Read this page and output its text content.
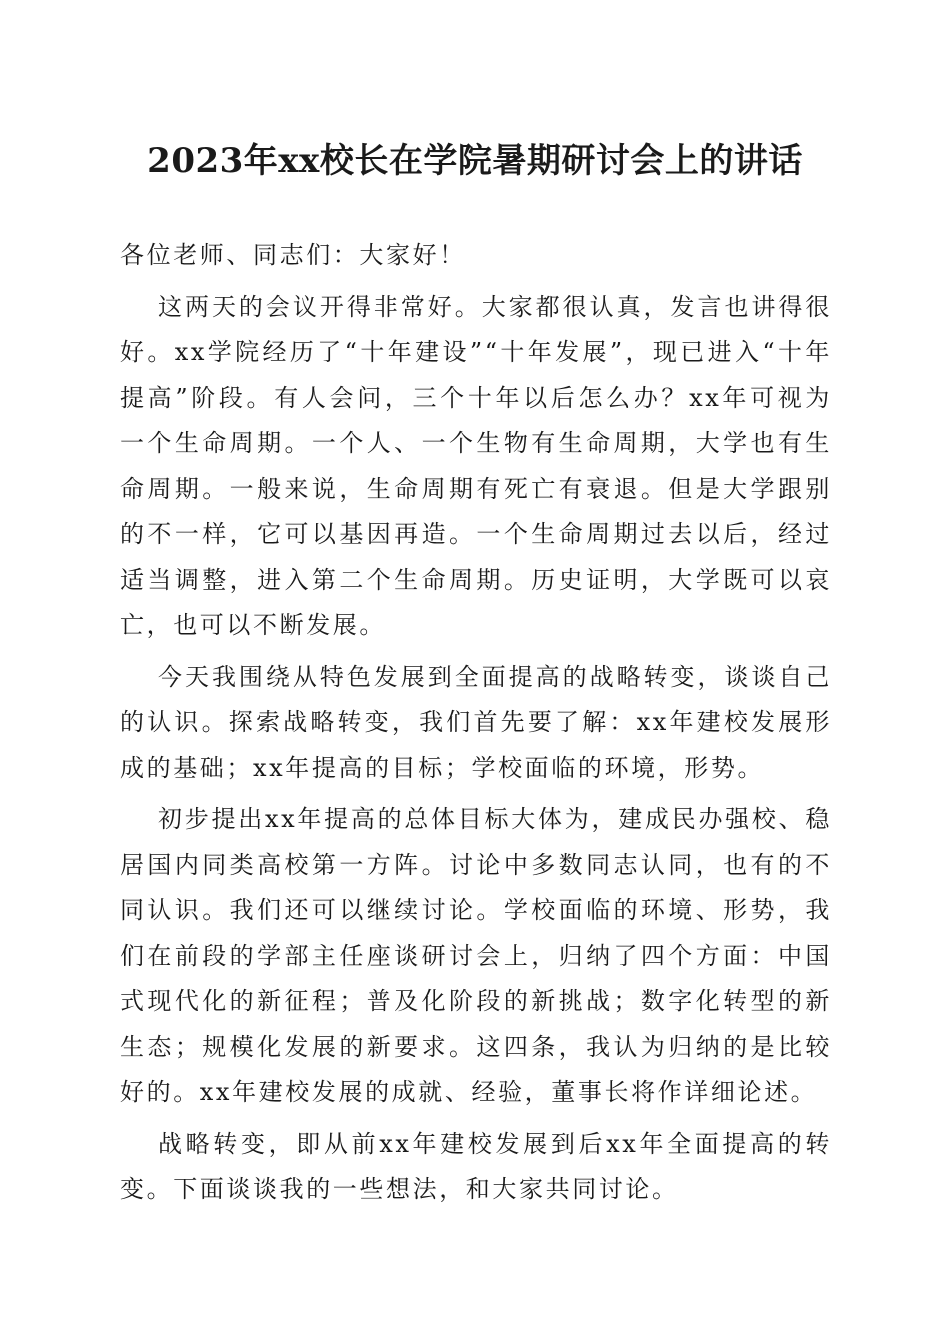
2023年xx校长在学院暑期研讨会上的讲话

各位老师、同志们：大家好！

这两天的会议开得非常好。大家都很认真，发言也讲得很好。xx学院经历了“十年建设”“十年发展”，现已进入“十年提高”阶段。有人会问，三个十年以后怎么办？xx年可视为一个生命周期。一个人、一个生物有生命周期，大学也有生命周期。一般来说，生命周期有死亡有衰退。但是大学跟别的不一样，它可以基因再造。一个生命周期过去以后，经过适当调整，进入第二个生命周期。历史证明，大学既可以哀亡，也可以不断发展。

今天我围绕从特色发展到全面提高的战略转变，谈谈自己的认识。探索战略转变，我们首先要了解：xx年建校发展形成的基础；xx年提高的目标；学校面临的环境，形势。

初步提出xx年提高的总体目标大体为，建成民办强校、稳居国内同类高校第一方阵。讨论中多数同志认同，也有的不同认识。我们还可以继续讨论。学校面临的环境、形势，我们在前段的学部主任座谈研讨会上，归纳了四个方面：中国式现代化的新征程；普及化阶段的新挑战；数字化转型的新生态；规模化发展的新要求。这四条，我认为归纳的是比较好的。xx年建校发展的成就、经验，董事长将作详细论述。

战略转变，即从前xx年建校发展到后xx年全面提高的转变。下面谈谈我的一些想法，和大家共同讨论。
